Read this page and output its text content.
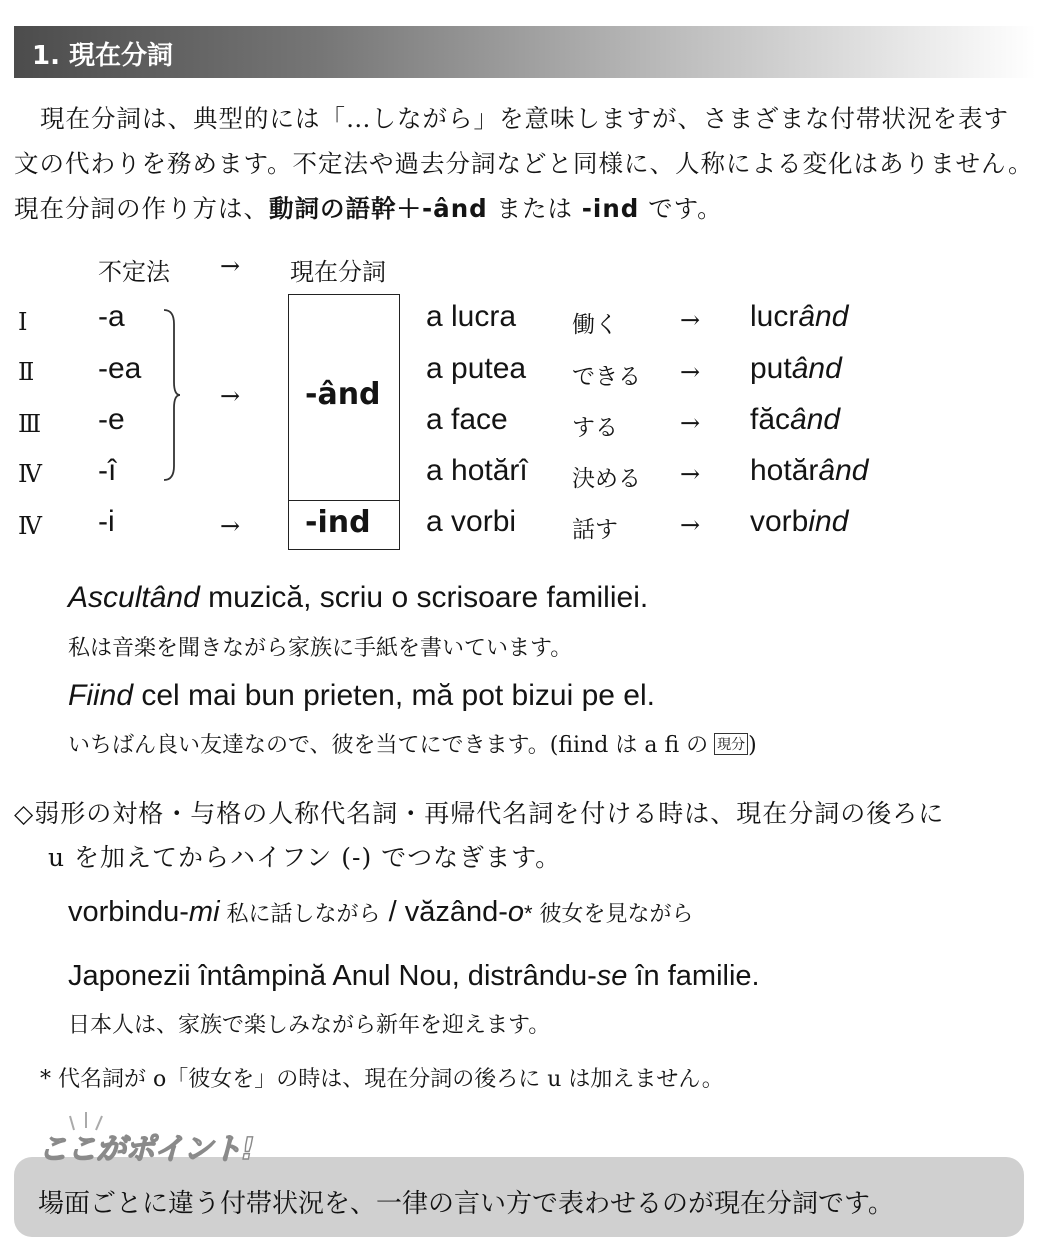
1. 現在分詞

現在分詞は、典型的には「…しながら」を意味しますが、さまざまな付帯状況を表す文の代わりを務めます。不定法や過去分詞などと同様に、人称による変化はありません。現在分詞の作り方は、動詞の語幹＋-ând または -ind です。

不定法 → 現在分詞
Ⅰ
Ⅱ
Ⅲ
Ⅳ
Ⅳ
-a
-ea
-e
-î
-i
→
→
-ând
-ind
a lucra
a putea
a face
a hotărî
a vorbi
働く
できる
する
決める
話す
→
→
→
→
→
lucrând
putând
făcând
hotărând
vorbind
Ascultând muzică, scriu o scrisoare familiei.
私は音楽を聞きながら家族に手紙を書いています。
Fiind cel mai bun prieten, mă pot bizui pe el.
いちばん良い友達なので、彼を当てにできます。(fiind は a fi の 現分 )
◇弱形の対格・与格の人称代名詞・再帰代名詞を付ける時は、現在分詞の後ろに
u を加えてからハイフン (-) でつなぎます。
vorbindu-mi 私に話しながら / văzând-o* 彼女を見ながら
Japonezii întâmpină Anul Nou, distrându-se în familie.
日本人は、家族で楽しみながら新年を迎えます。
* 代名詞が o「彼女を」の時は、現在分詞の後ろに u は加えません。
場面ごとに違う付帯状況を、一律の言い方で表わせるのが現在分詞です。
ここがポイント!
